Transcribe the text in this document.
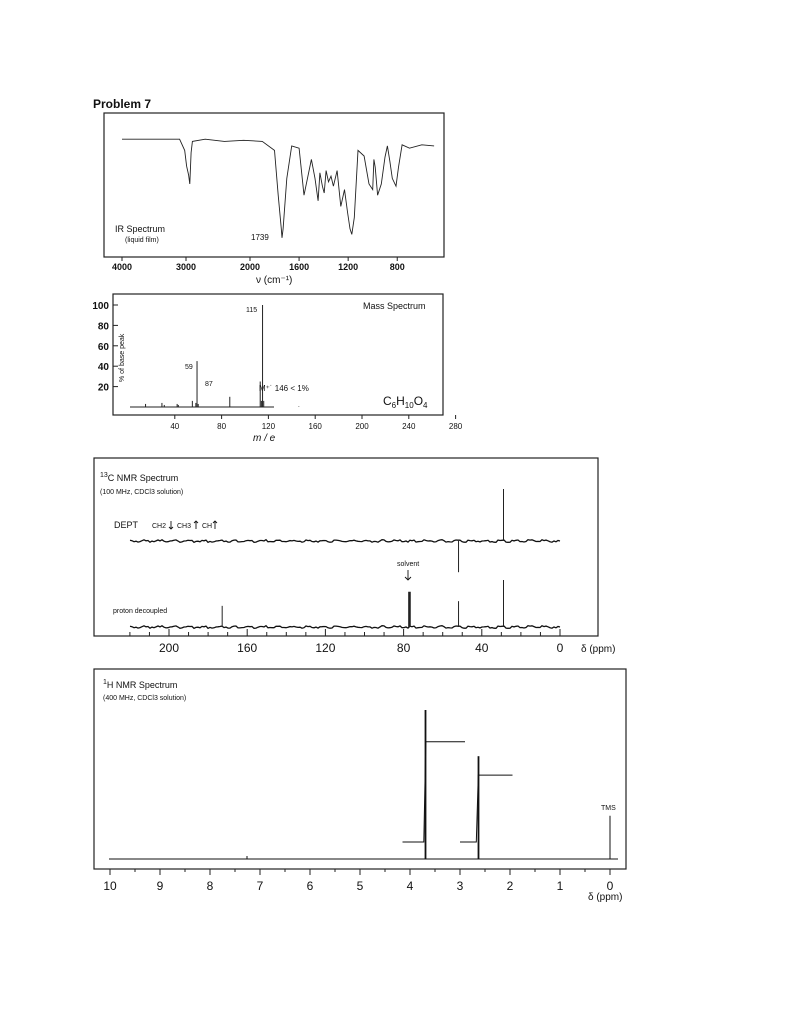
Problem 7
IR Spectrum
(liquid film)	1739
4000	3000	2000	1600	1200	800
ν (cm⁻¹)
Mass Spectrum
% of base peak
20
40
60
80
100
40	80	120	160	200	240	280
115
59
87	M⁺˙ 146 < 1%
$C_6H_{10}O_4$
m / e
$^{13}$C NMR Spectrum
(100 MHz, CDCl3 solution)
DEPT CH2 CH3 CH
solvent
proton decoupled
200	160	120	80	40	0 δ (ppm)
$^1$H NMR Spectrum
(400 MHz, CDCl3 solution)
TMS
10	9	8	7	6	5	4	3	2	1	0
δ (ppm)
